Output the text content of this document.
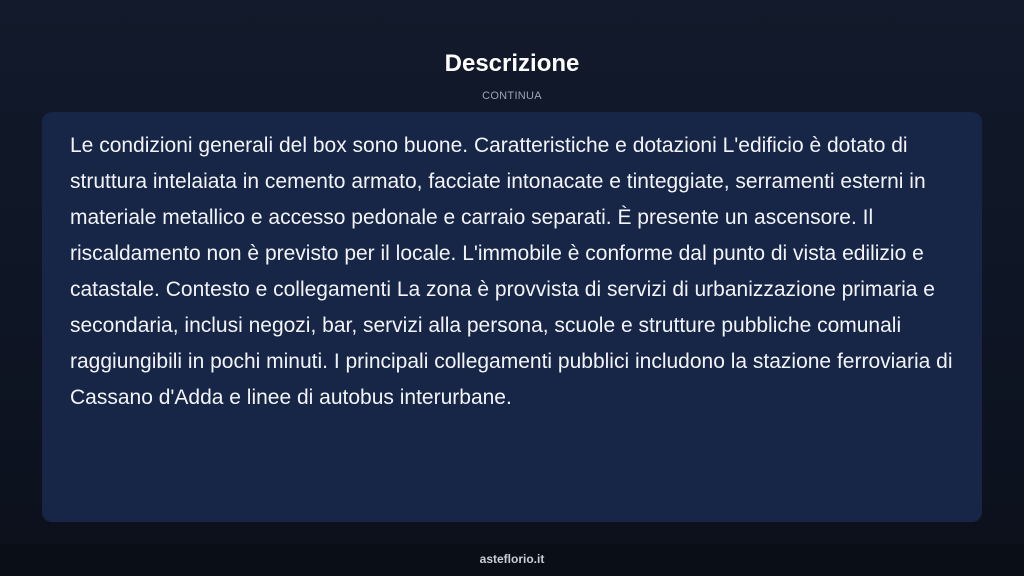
Descrizione
CONTINUA

Le condizioni generali del box sono buone. Caratteristiche e dotazioni L'edificio è dotato di struttura intelaiata in cemento armato, facciate intonacate e tinteggiate, serramenti esterni in materiale metallico e accesso pedonale e carraio separati. È presente un ascensore. Il riscaldamento non è previsto per il locale. L'immobile è conforme dal punto di vista edilizio e catastale. Contesto e collegamenti La zona è provvista di servizi di urbanizzazione primaria e secondaria, inclusi negozi, bar, servizi alla persona, scuole e strutture pubbliche comunali raggiungibili in pochi minuti. I principali collegamenti pubblici includono la stazione ferroviaria di Cassano d'Adda e linee di autobus interurbane.

asteflorio.it
